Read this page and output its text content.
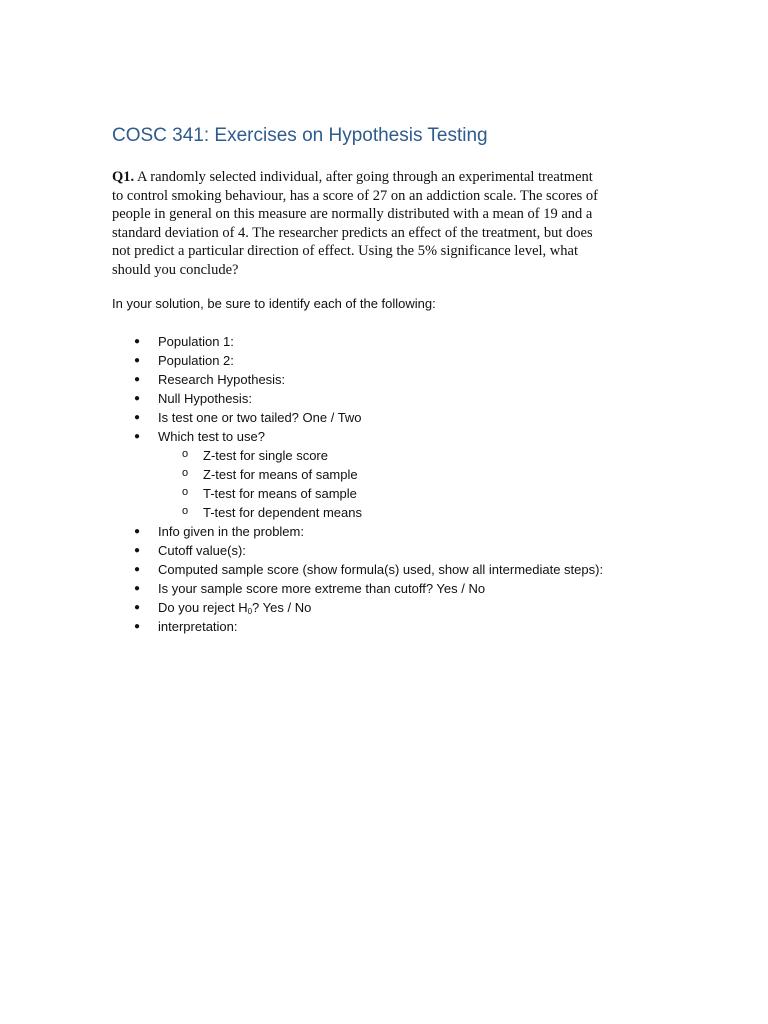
COSC 341: Exercises on Hypothesis Testing
Q1. A randomly selected individual, after going through an experimental treatment
to control smoking behaviour, has a score of 27 on an addiction scale. The scores of
people in general on this measure are normally distributed with a mean of 19 and a
standard deviation of 4. The researcher predicts an effect of the treatment, but does
not predict a particular direction of effect. Using the 5% significance level, what
should you conclude?
In your solution, be sure to identify each of the following:
● Population 1:
● Population 2:
● Research Hypothesis:
● Null Hypothesis:
● Is test one or two tailed? One / Two
● Which test to use?
o Z-test for single score
o Z-test for means of sample
o T-test for means of sample
o T-test for dependent means
● Info given in the problem:
● Cutoff value(s):
● Computed sample score (show formula(s) used, show all intermediate steps):
● Is your sample score more extreme than cutoff? Yes / No
● Do you reject $H_0$? Yes / No
● interpretation:
